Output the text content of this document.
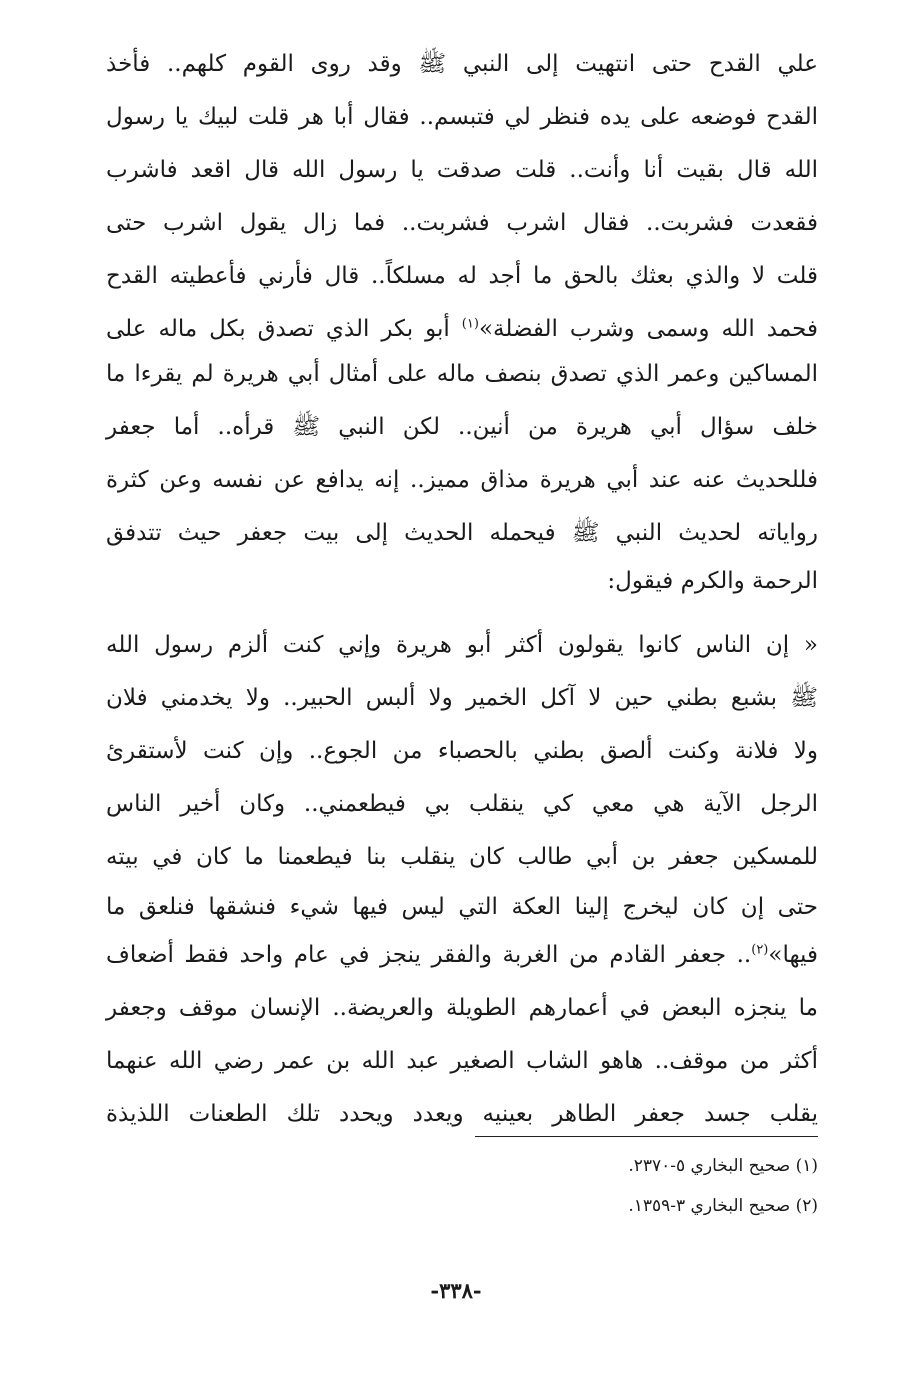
علي القدح حتى انتهيت إلى النبي ﷺ وقد روى القوم كلهم.. فأخذ
القدح فوضعه على يده فنظر لي فتبسم.. فقال أبا هر قلت لبيك يا رسول
الله قال بقيت أنا وأنت.. قلت صدقت يا رسول الله قال اقعد فاشرب
فقعدت فشربت.. فقال اشرب فشربت.. فما زال يقول اشرب حتى
قلت لا والذي بعثك بالحق ما أجد له مسلكاً.. قال فأرني فأعطيته القدح
فحمد الله وسمى وشرب الفضلة»$^{(١)}$ أبو بكر الذي تصدق بكل ماله على
المساكين وعمر الذي تصدق بنصف ماله على أمثال أبي هريرة لم يقرءا ما
خلف سؤال أبي هريرة من أنين.. لكن النبي ﷺ قرأه.. أما جعفر
فللحديث عنه عند أبي هريرة مذاق مميز.. إنه يدافع عن نفسه وعن كثرة
رواياته لحديث النبي ﷺ فيحمله الحديث إلى بيت جعفر حيث تتدفق
الرحمة والكرم فيقول:
« إن الناس كانوا يقولون أكثر أبو هريرة وإني كنت ألزم رسول الله
ﷺ بشبع بطني حين لا آكل الخمير ولا ألبس الحبير.. ولا يخدمني فلان
ولا فلانة وكنت ألصق بطني بالحصباء من الجوع.. وإن كنت لأستقرئ
الرجل الآية هي معي كي ينقلب بي فيطعمني.. وكان أخير الناس
للمسكين جعفر بن أبي طالب كان ينقلب بنا فيطعمنا ما كان في بيته
حتى إن كان ليخرج إلينا العكة التي ليس فيها شيء فنشقها فنلعق ما
فيها»$^{(٢)}$.. جعفر القادم من الغربة والفقر ينجز في عام واحد فقط أضعاف
ما ينجزه البعض في أعمارهم الطويلة والعريضة.. الإنسان موقف وجعفر
أكثر من موقف.. هاهو الشاب الصغير عبد الله بن عمر رضي الله عنهما
يقلب جسد جعفر الطاهر بعينيه ويعدد ويحدد تلك الطعنات اللذيذة
(١) صحيح البخاري ٥-٢٣٧٠.
(٢) صحيح البخاري ٣-١٣٥٩.
-٣٣٨-
